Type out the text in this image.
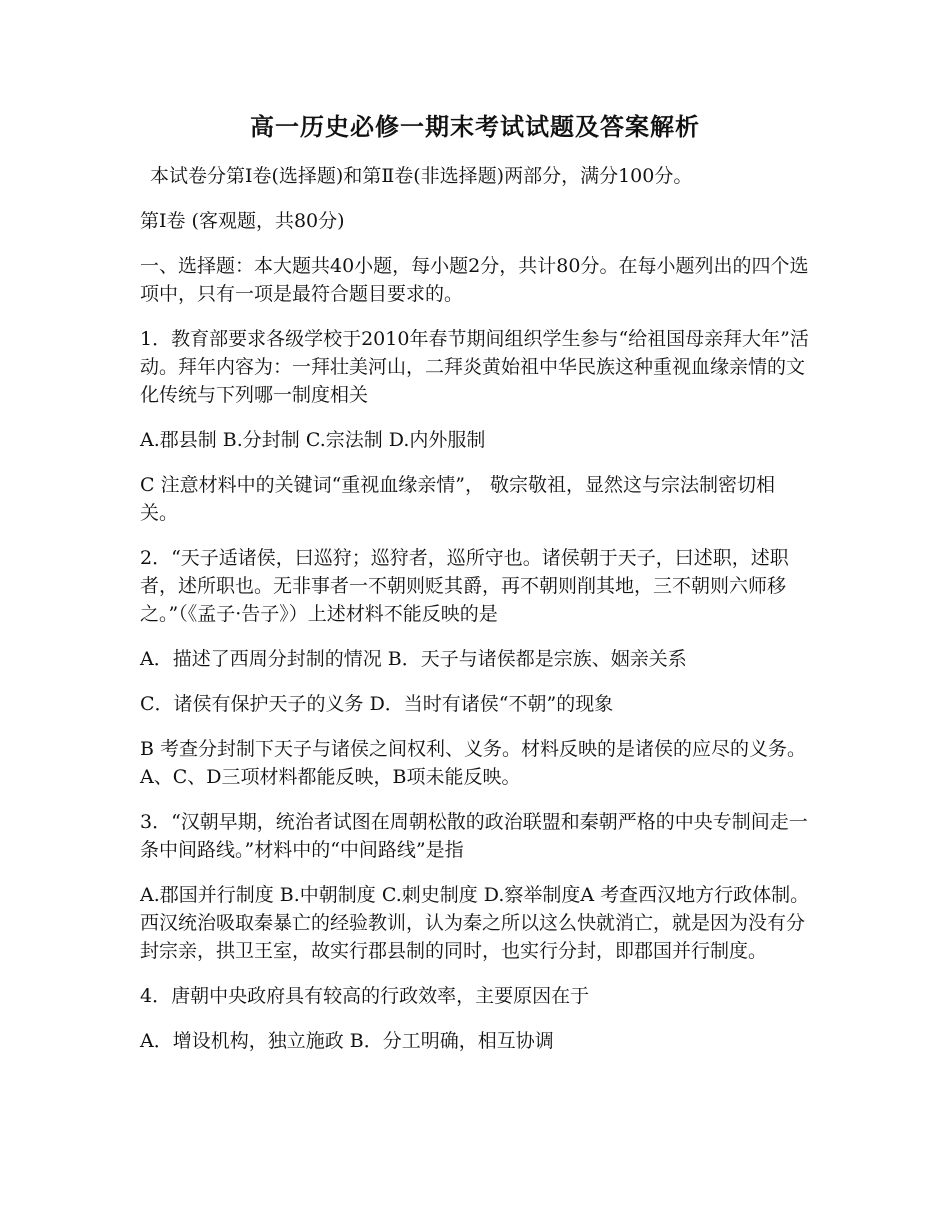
高一历史必修一期末考试试题及答案解析
本试卷分第Ⅰ卷(选择题)和第Ⅱ卷(非选择题)两部分，满分100分。
第Ⅰ卷 (客观题，共80分)
一、选择题：本大题共40小题，每小题2分，共计80分。在每小题列出的四个选项中，只有一项是最符合题目要求的。
1．教育部要求各级学校于2010年春节期间组织学生参与“给祖国母亲拜大年”活动。拜年内容为：一拜壮美河山，二拜炎黄始祖中华民族这种重视血缘亲情的文化传统与下列哪一制度相关
A.郡县制 B.分封制 C.宗法制 D.内外服制
C 注意材料中的关键词“重视血缘亲情”， 敬宗敬祖，显然这与宗法制密切相关。
2．“天子适诸侯，曰巡狩；巡狩者，巡所守也。诸侯朝于天子，曰述职，述职者，述所职也。无非事者一不朝则贬其爵，再不朝则削其地，三不朝则六师移之。”（《孟子·告子》）上述材料不能反映的是
A．描述了西周分封制的情况 B．天子与诸侯都是宗族、姻亲关系
C．诸侯有保护天子的义务 D．当时有诸侯“不朝”的现象
B 考查分封制下天子与诸侯之间权利、义务。材料反映的是诸侯的应尽的义务。A、C、D三项材料都能反映，B项未能反映。
3．“汉朝早期，统治者试图在周朝松散的政治联盟和秦朝严格的中央专制间走一条中间路线。”材料中的“中间路线”是指
A.郡国并行制度 B.中朝制度 C.刺史制度 D.察举制度A 考查西汉地方行政体制。西汉统治吸取秦暴亡的经验教训，认为秦之所以这么快就消亡，就是因为没有分封宗亲，拱卫王室，故实行郡县制的同时，也实行分封，即郡国并行制度。
4．唐朝中央政府具有较高的行政效率，主要原因在于
A．增设机构，独立施政 B．分工明确，相互协调
